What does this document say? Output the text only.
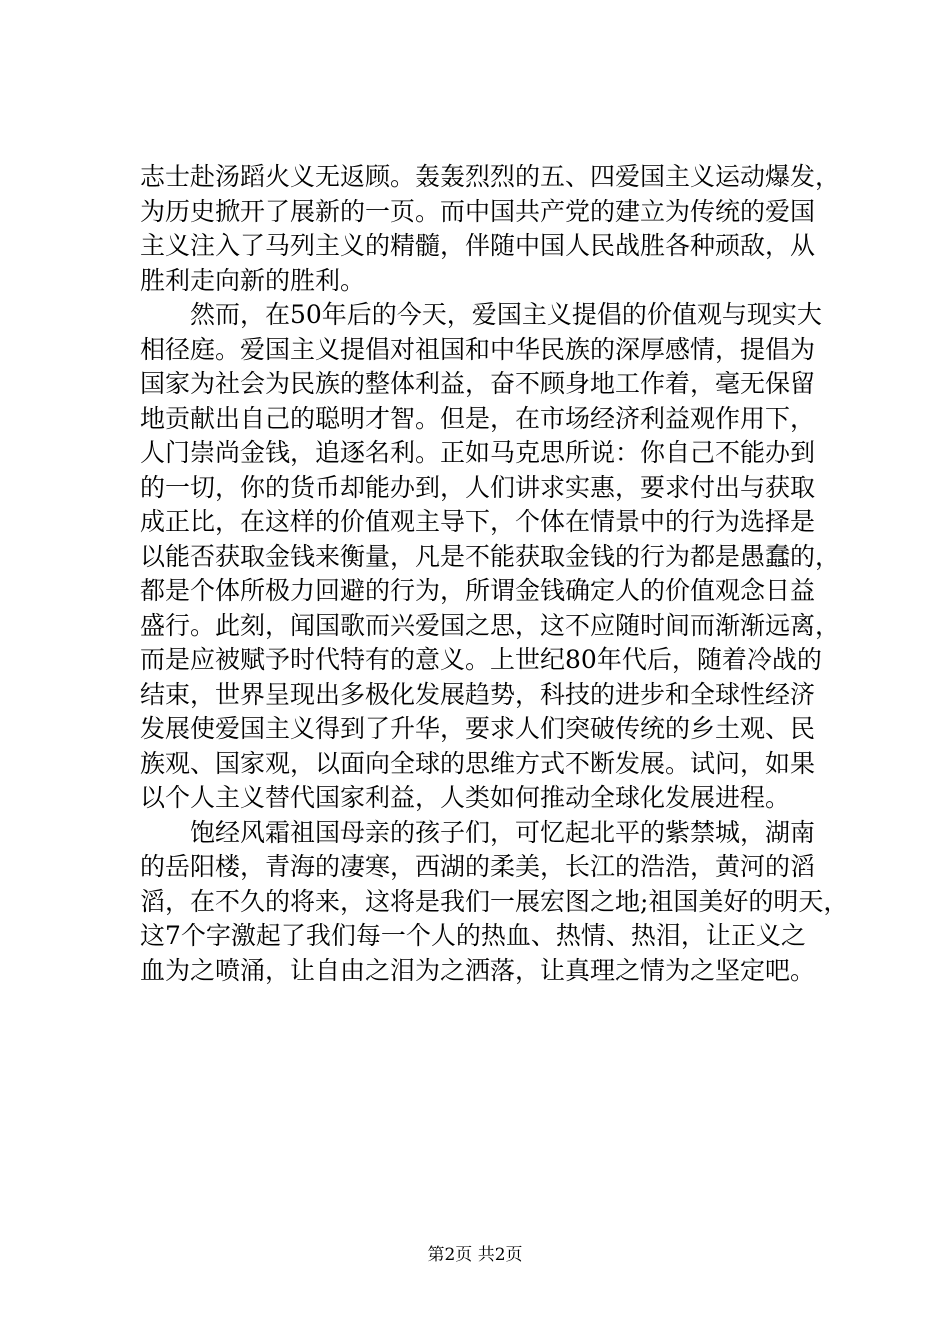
志士赴汤蹈火义无返顾。轰轰烈烈的五、四爱国主义运动爆发，
为历史掀开了展新的一页。而中国共产党的建立为传统的爱国
主义注入了马列主义的精髓，伴随中国人民战胜各种顽敌，从
胜利走向新的胜利。
然而，在50年后的今天，爱国主义提倡的价值观与现实大
相径庭。爱国主义提倡对祖国和中华民族的深厚感情，提倡为
国家为社会为民族的整体利益，奋不顾身地工作着，毫无保留
地贡献出自己的聪明才智。但是，在市场经济利益观作用下，
人门崇尚金钱，追逐名利。正如马克思所说：你自己不能办到
的一切，你的货币却能办到，人们讲求实惠，要求付出与获取
成正比，在这样的价值观主导下，个体在情景中的行为选择是
以能否获取金钱来衡量，凡是不能获取金钱的行为都是愚蠢的，
都是个体所极力回避的行为，所谓金钱确定人的价值观念日益
盛行。此刻，闻国歌而兴爱国之思，这不应随时间而渐渐远离，
而是应被赋予时代特有的意义。上世纪80年代后，随着冷战的
结束，世界呈现出多极化发展趋势，科技的进步和全球性经济
发展使爱国主义得到了升华，要求人们突破传统的乡土观、民
族观、国家观，以面向全球的思维方式不断发展。试问，如果
以个人主义替代国家利益，人类如何推动全球化发展进程。
饱经风霜祖国母亲的孩子们，可忆起北平的紫禁城，湖南
的岳阳楼，青海的凄寒，西湖的柔美，长江的浩浩，黄河的滔
滔，在不久的将来，这将是我们一展宏图之地;祖国美好的明天，
这7个字激起了我们每一个人的热血、热情、热泪，让正义之
血为之喷涌，让自由之泪为之洒落，让真理之情为之坚定吧。
第2页 共2页
